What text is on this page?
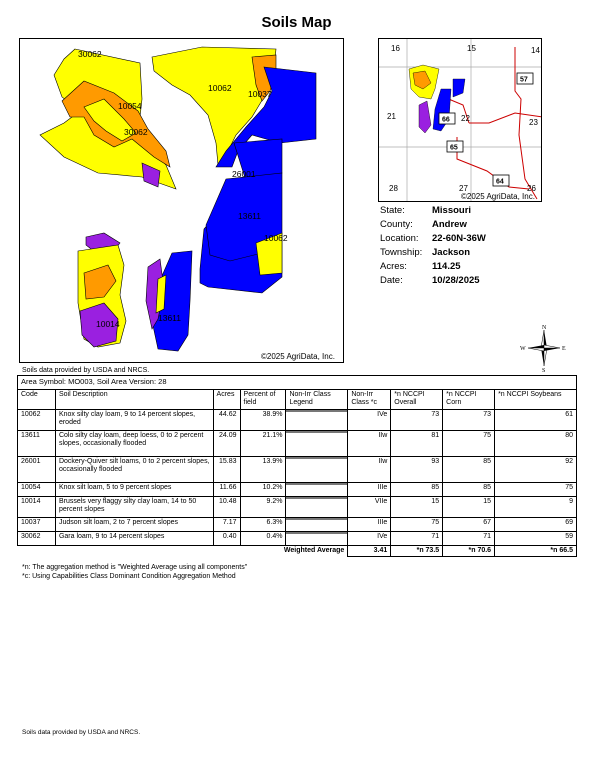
Soils Map
30062
10062
10037
10054
30062
26001
13611
10062
10014
13611
©2025 AgriData, Inc.
16	15	14
21	22	23
28	27	26
57
66
65
64
©2025 AgriData, Inc.
State:	Missouri
County:	Andrew
Location:	22-60N-36W
Township:	Jackson
Acres:	114.25
Date:	10/28/2025
N
S
E
W
Soils data provided by USDA and NRCS.
Area Symbol: MO003, Soil Area Version: 28								
Code	Soil Description	Acres	Percent of field	Non-Irr Class Legend	Non-Irr Class *c	*n NCCPI Overall	*n NCCPI Corn	*n NCCPI Soybeans
10062	Knox silty clay loam, 9 to 14 percent slopes, eroded	44.62	38.9%		IVe	73	73	61
13611	Colo silty clay loam, deep loess, 0 to 2 percent slopes, occasionally flooded	24.09	21.1%		IIw	81	75	80
26001	Dockery-Quiver silt loams, 0 to 2 percent slopes, occasionally flooded	15.83	13.9%		IIw	93	85	92
10054	Knox silt loam, 5 to 9 percent slopes	11.66	10.2%		IIIe	85	85	75
10014	Brussels very flaggy silty clay loam, 14 to 50 percent slopes	10.48	9.2%		VIIe	15	15	9
10037	Judson silt loam, 2 to 7 percent slopes	7.17	6.3%		IIIe	75	67	69
30062	Gara loam, 9 to 14 percent slopes	0.40	0.4%		IVe	71	71	59
Weighted Average					3.41	*n 73.5	*n 70.6	*n 66.5
*n: The aggregation method is "Weighted Average using all components"
*c: Using Capabilities Class Dominant Condition Aggregation Method
Soils data provided by USDA and NRCS.
